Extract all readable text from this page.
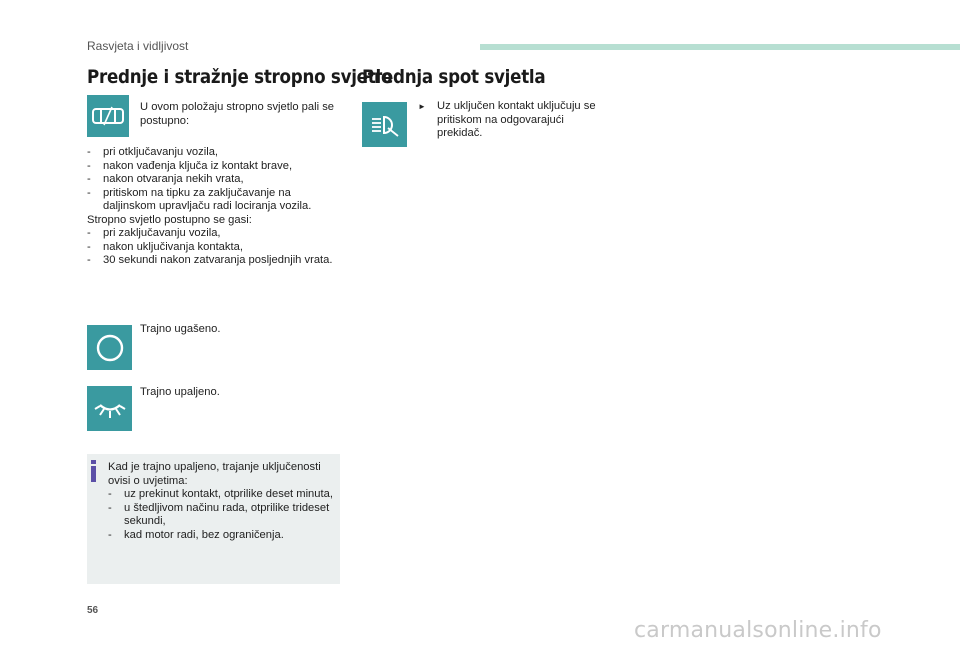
Rasvjeta i vidljivost
Prednje i stražnje stropno svjetlo
U ovom položaju stropno svjetlo pali se postupno:
- pri otključavanju vozila,
- nakon vađenja ključa iz kontakt brave,
- nakon otvaranja nekih vrata,
- pritiskom na tipku za zaključavanje na daljinskom upravljaču radi lociranja vozila.
Stropno svjetlo postupno se gasi:
- pri zaključavanju vozila,
- nakon uključivanja kontakta,
- 30 sekundi nakon zatvaranja posljednjih vrata.
Trajno ugašeno.
Trajno upaljeno.
Kad je trajno upaljeno, trajanje uključenosti ovisi o uvjetima:
- uz prekinut kontakt, otprilike deset minuta,
- u štedljivom načinu rada, otprilike trideset sekundi,
- kad motor radi, bez ograničenja.
Prednja spot svjetla
► Uz uključen kontakt uključuju se pritiskom na odgovarajući prekidač.
56
carmanualsonline.info
